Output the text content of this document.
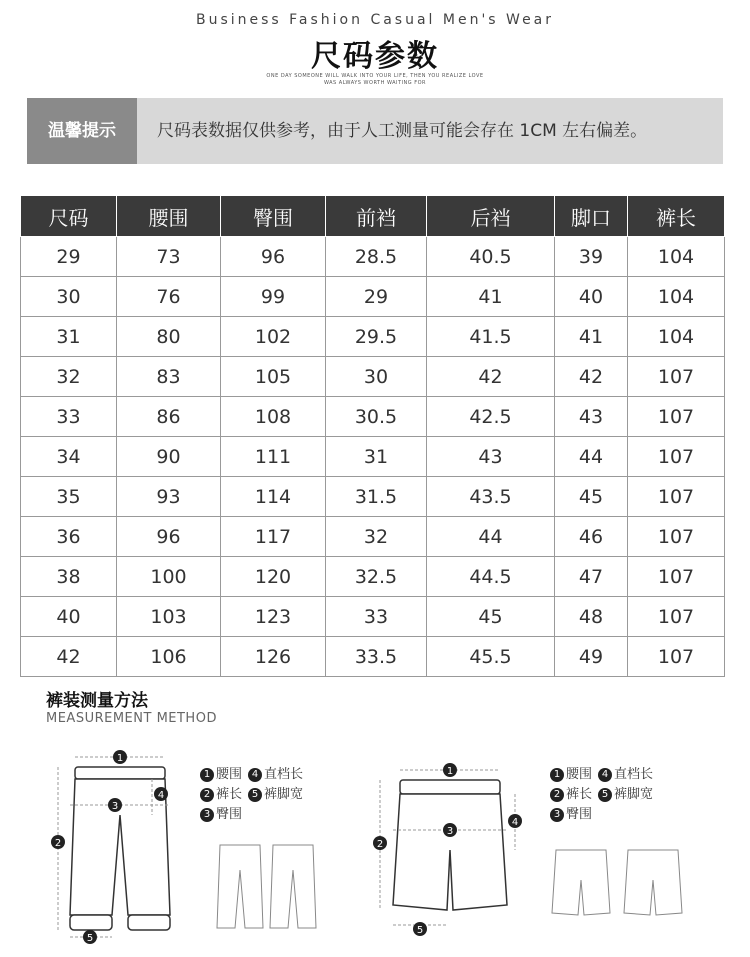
Business Fashion Casual Men's Wear
尺码参数
ONE DAY SOMEONE WILL WALK INTO YOUR LIFE, THEN YOU REALIZE LOVE
WAS ALWAYS WORTH WAITING FOR
温馨提示	尺码表数据仅供参考，由于人工测量可能会存在 1CM 左右偏差。
尺码	腰围	臀围	前裆	后裆	脚口	裤长
29	73	96	28.5	40.5	39	104
30	76	99	29	41	40	104
31	80	102	29.5	41.5	41	104
32	83	105	30	42	42	107
33	86	108	30.5	42.5	43	107
34	90	111	31	43	44	107
35	93	114	31.5	43.5	45	107
36	96	117	32	44	46	107
38	100	120	32.5	44.5	47	107
40	103	123	33	45	48	107
42	106	126	33.5	45.5	49	107
裤装测量方法
MEASUREMENT METHOD
1
2
3
4
5
1 腰围 4 直档长
2 裤长 5 裤脚宽
3 臀围
1
2
3
4
5
1 腰围 4 直档长
2 裤长 5 裤脚宽
3 臀围
